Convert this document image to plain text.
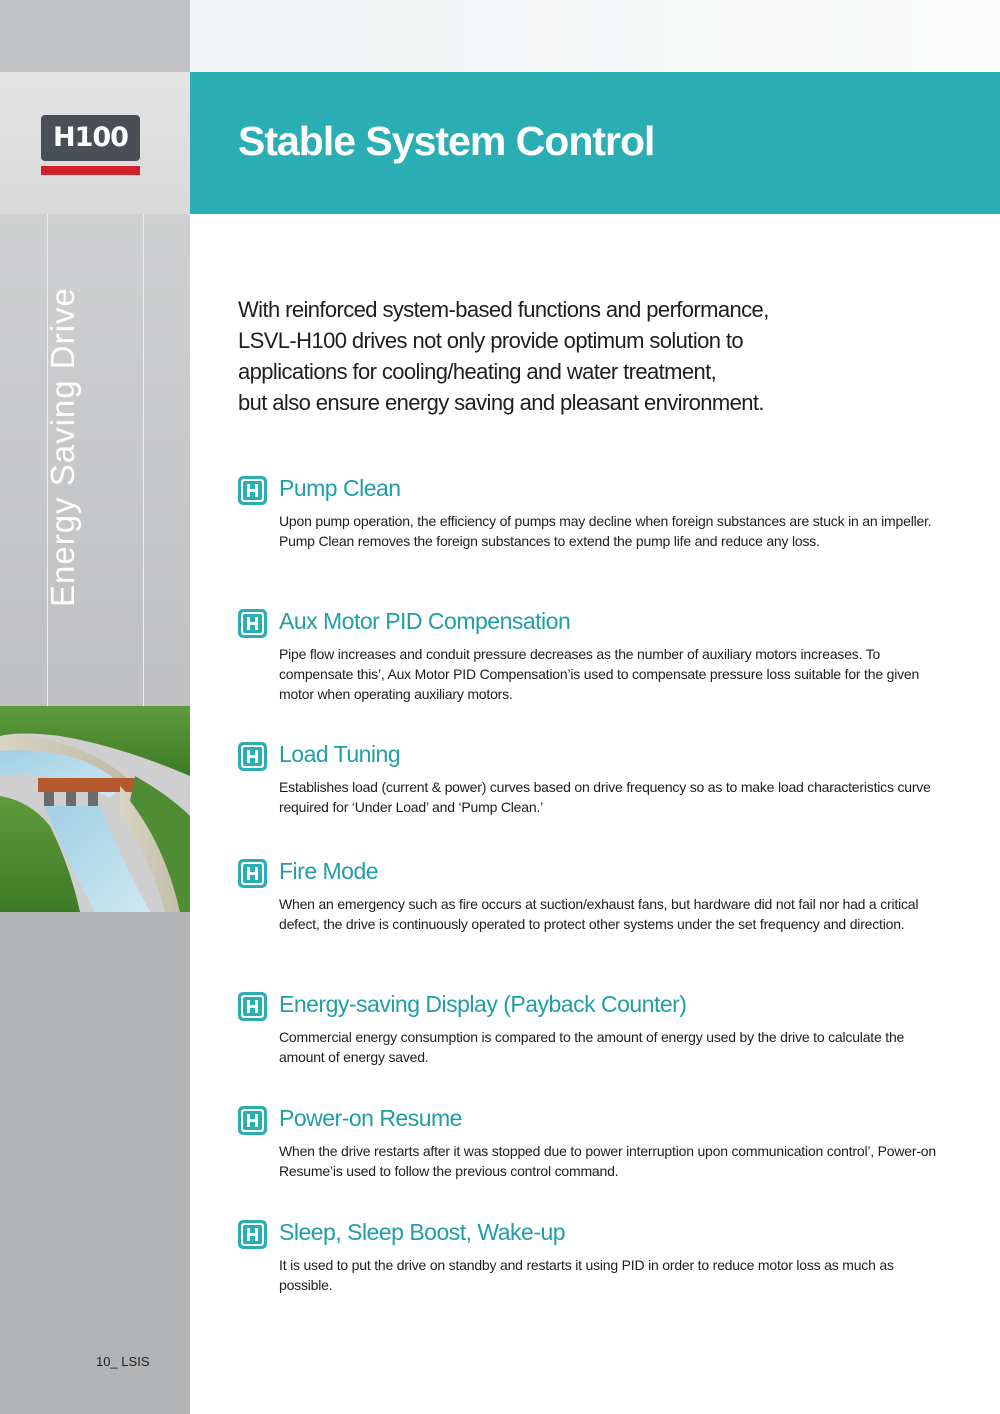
H100
Energy Saving Drive
10_ LSIS
Stable System Control
With reinforced system-based functions and performance,
LSVL-H100 drives not only provide optimum solution to
applications for cooling/heating and water treatment,
but also ensure energy saving and pleasant environment.
Pump Clean
Upon pump operation, the efficiency of pumps may decline when foreign substances are stuck in an impeller. Pump Clean removes the foreign substances to extend the pump life and reduce any loss.
Aux Motor PID Compensation
Pipe flow increases and conduit pressure decreases as the number of auxiliary motors increases. To compensate this’, Aux Motor PID Compensation’is used to compensate pressure loss suitable for the given motor when operating auxiliary motors.
Load Tuning
Establishes load (current & power) curves based on drive frequency so as to make load characteristics curve required for ‘Under Load’ and ‘Pump Clean.’
Fire Mode
When an emergency such as fire occurs at suction/exhaust fans, but hardware did not fail nor had a critical defect, the drive is continuously operated to protect other systems under the set frequency and direction.
Energy-saving Display (Payback Counter)
Commercial energy consumption is compared to the amount of energy used by the drive to calculate the amount of energy saved.
Power-on Resume
When the drive restarts after it was stopped due to power interruption upon communication control’, Power-on Resume’is used to follow the previous control command.
Sleep, Sleep Boost, Wake-up
It is used to put the drive on standby and restarts it using PID in order to reduce motor loss as much as possible.
